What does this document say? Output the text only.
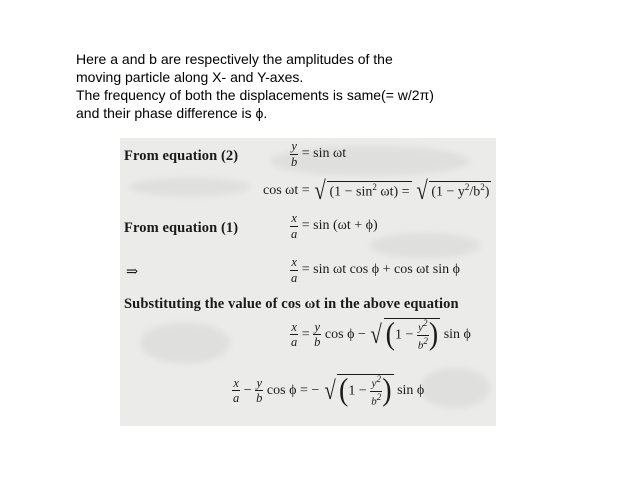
Here a and b are respectively the amplitudes of the
moving particle along X- and Y-axes.
The frequency of both the displacements is same(= w/2π)
and their phase difference is ϕ.
From equation (2)	$\frac{y}{b} = \sin \omega t$
cos ωt = √ $(1 - \sin^2 \omega t)$ = √ $(1 - y^2/b^2)$
From equation (1)	$\frac{x}{a} = \sin (\omega t + \phi)$
⇒	$\frac{x}{a} = \sin \omega t$ cos ϕ + cos ωt sin ϕ
Substituting the value of cos ωt in the above equation
$\frac{x}{a} = \frac{y}{b}$ cos ϕ − √ ($1 - \frac{y^2}{b^2}$ ) sin ϕ
$\frac{x}{a} - \frac{y}{b}$ cos ϕ = − √ ($1 - \frac{y^2}{b^2}$ ) sin ϕ
